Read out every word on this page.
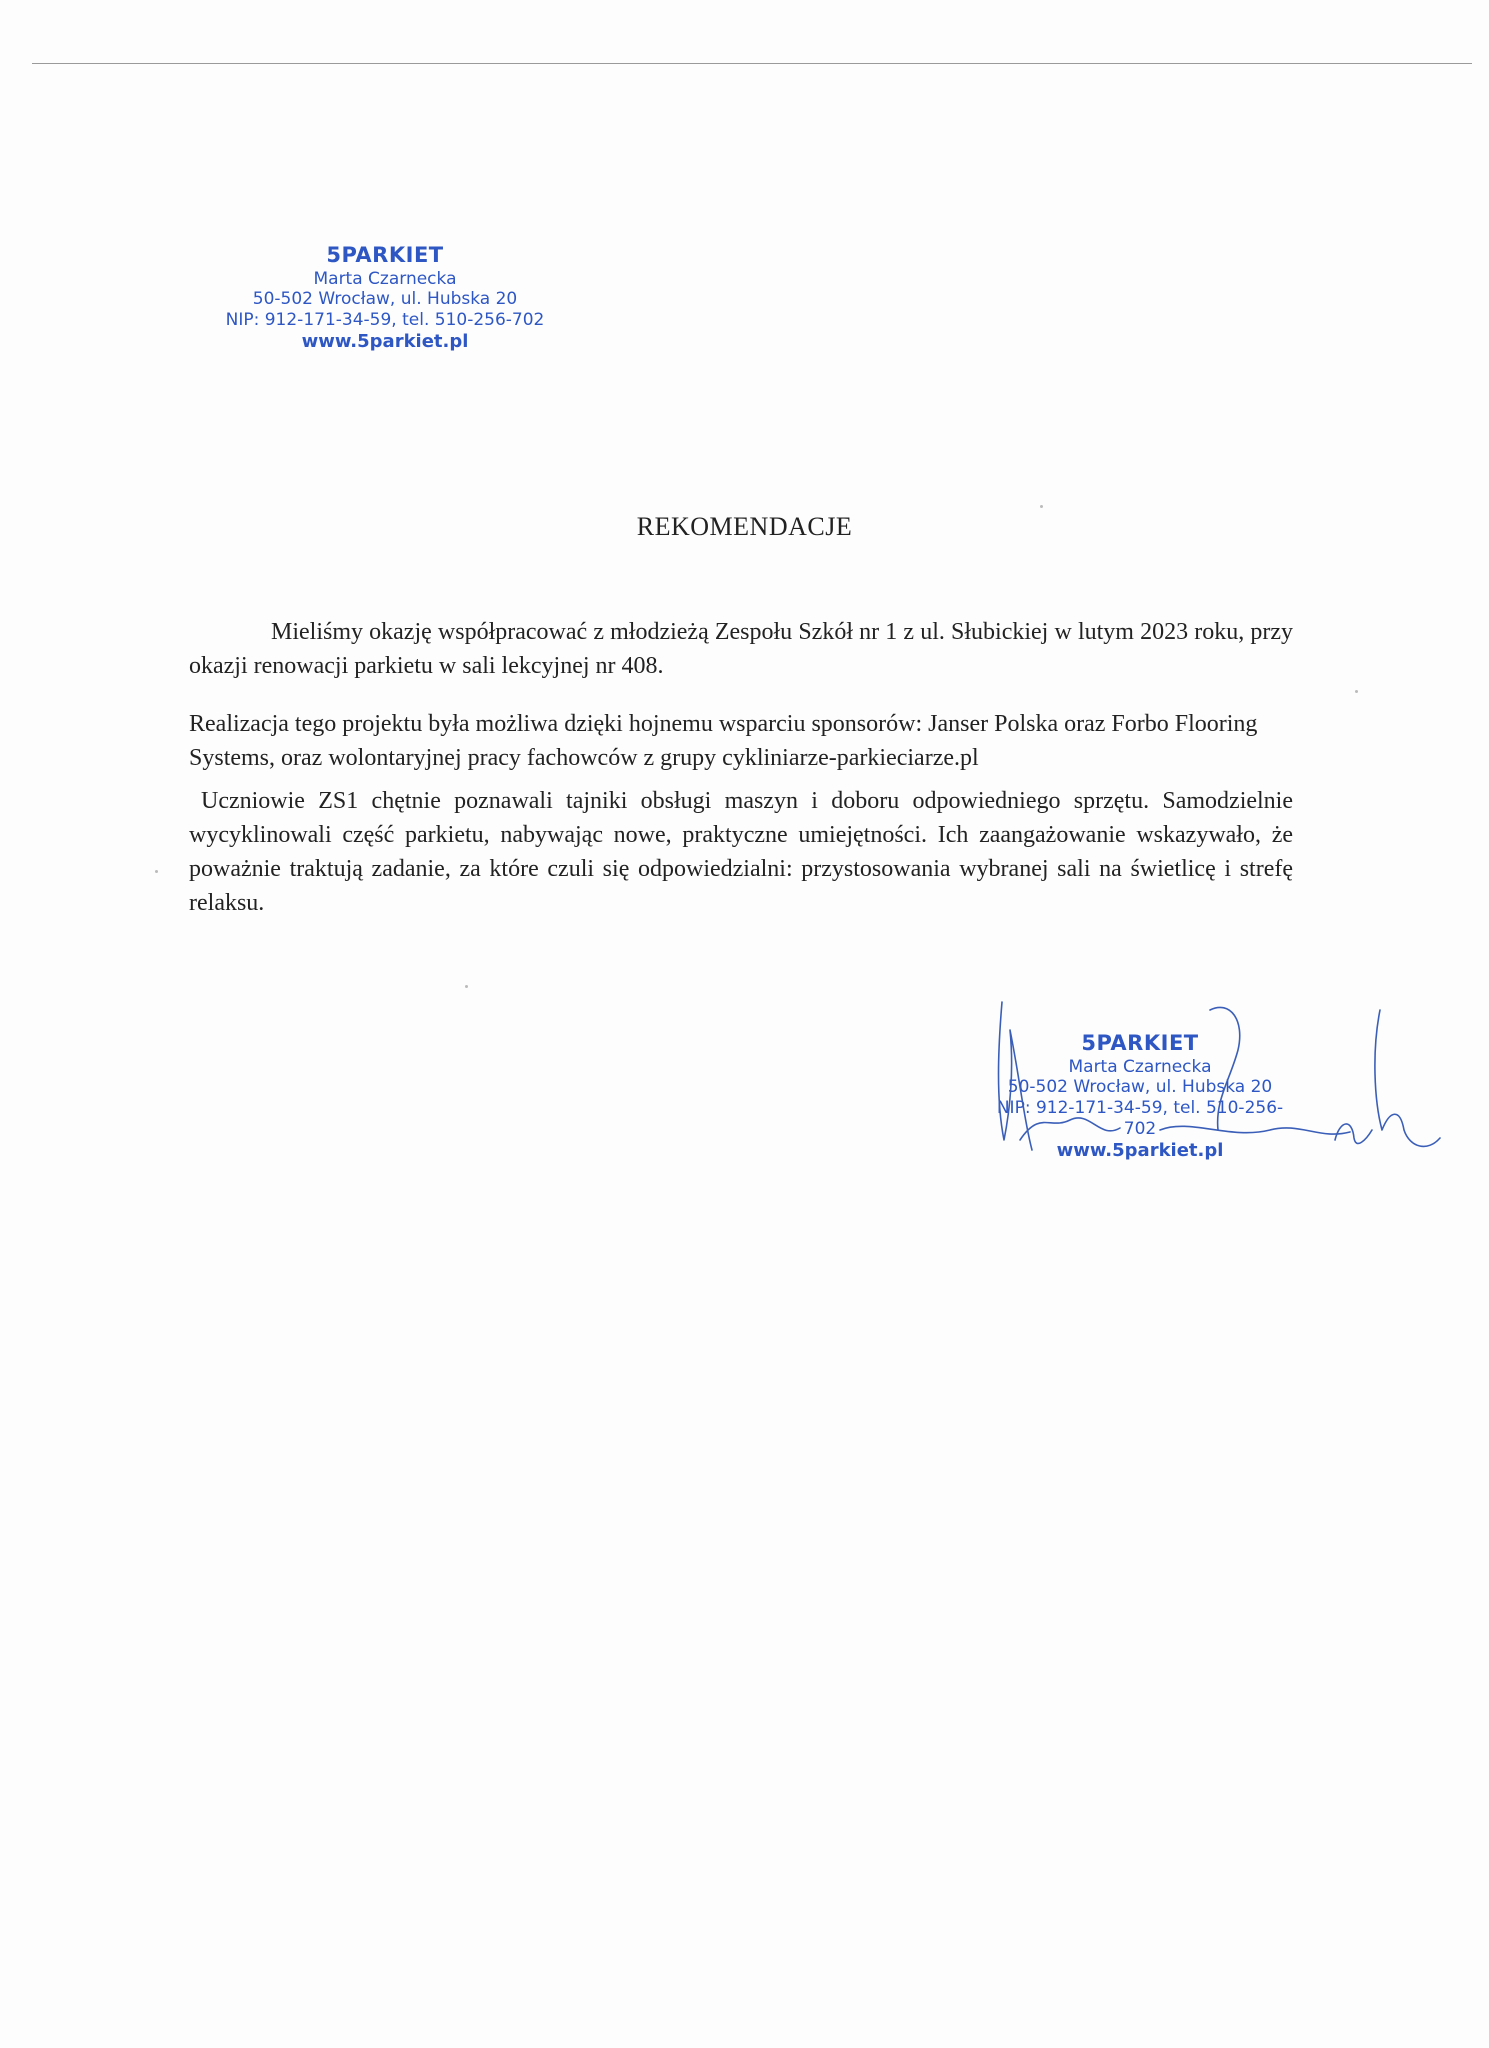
5PARKIET
Marta Czarnecka
50-502 Wrocław, ul. Hubska 20
NIP: 912-171-34-59, tel. 510-256-702
www.5parkiet.pl
REKOMENDACJE

Mieliśmy okazję współpracować z młodzieżą Zespołu Szkół nr 1 z ul. Słubickiej w lutym 2023 roku, przy okazji renowacji parkietu w sali lekcyjnej nr 408.

Realizacja tego projektu była możliwa dzięki hojnemu wsparciu sponsorów: Janser Polska oraz Forbo Flooring Systems, oraz wolontaryjnej pracy fachowców z grupy cykliniarze-parkieciarze.pl

Uczniowie ZS1 chętnie poznawali tajniki obsługi maszyn i doboru odpowiedniego sprzętu. Samodzielnie wycyklinowali część parkietu, nabywając nowe, praktyczne umiejętności. Ich zaangażowanie wskazywało, że poważnie traktują zadanie, za które czuli się odpowiedzialni: przystosowania wybranej sali na świetlicę i strefę relaksu.

5PARKIET
Marta Czarnecka
50-502 Wrocław, ul. Hubska 20
NIP: 912-171-34-59, tel. 510-256-702
www.5parkiet.pl
